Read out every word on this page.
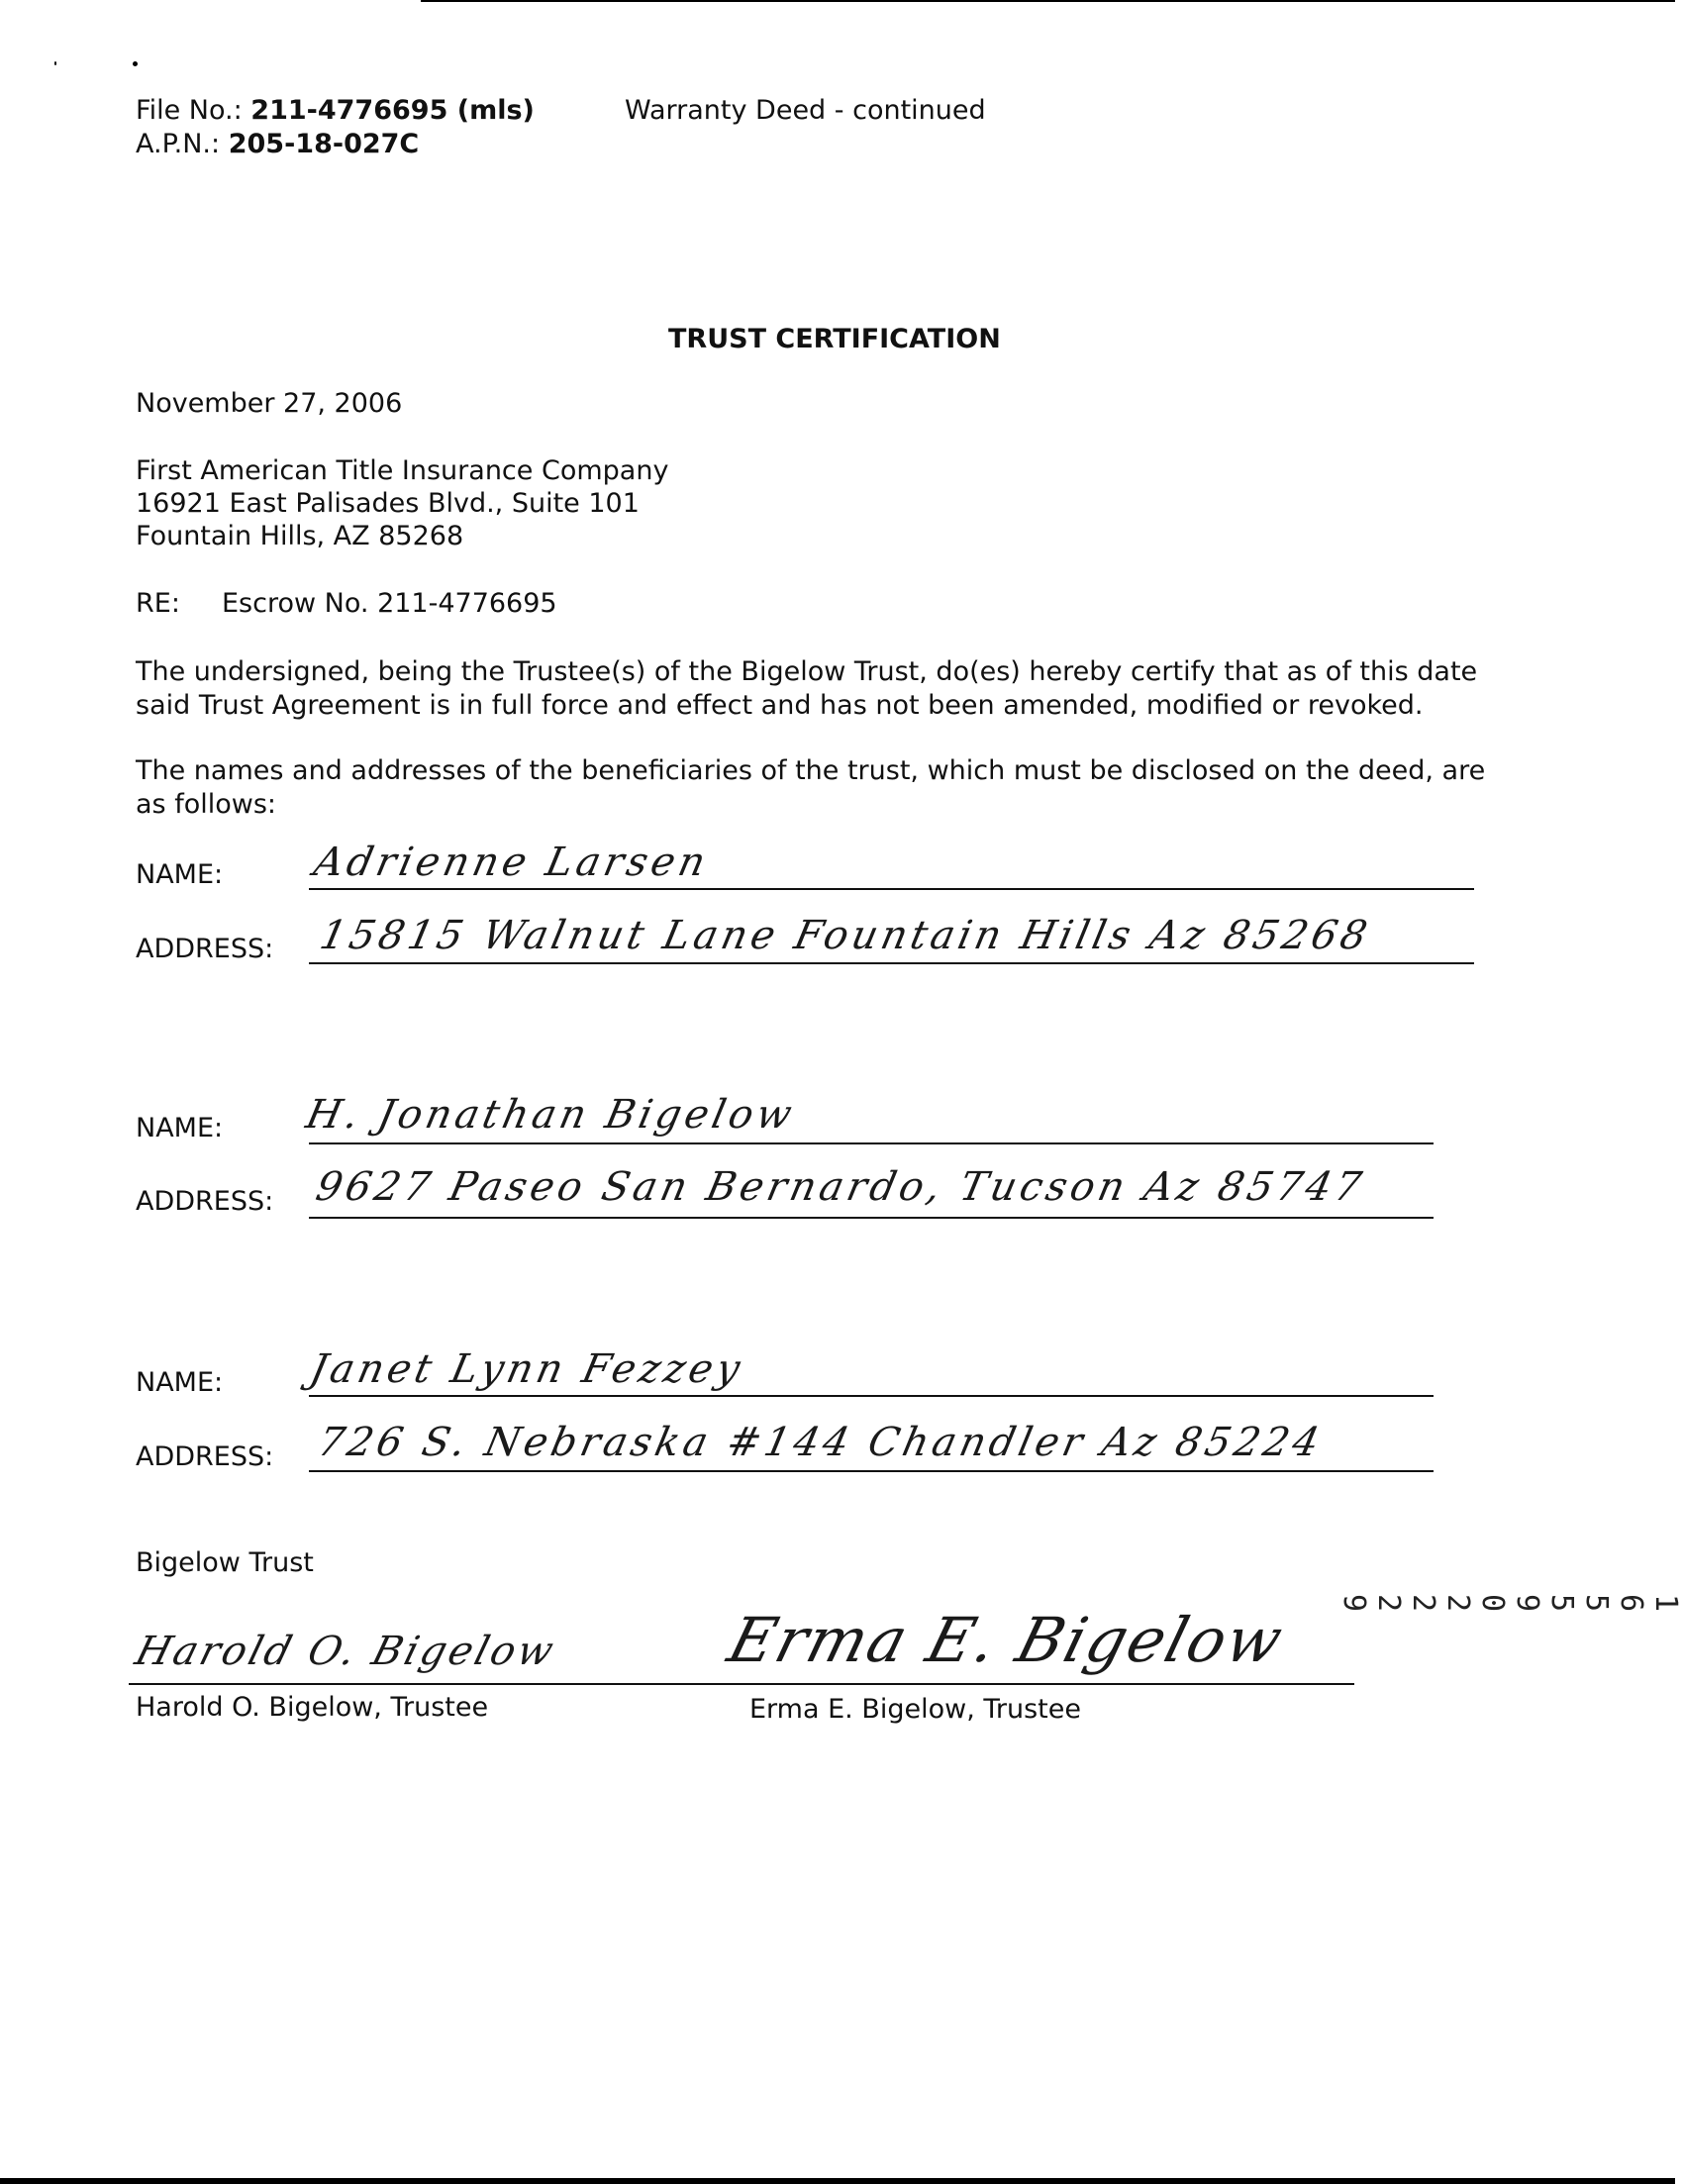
File No.: 211-4776695 (mls)
A.P.N.: 205-18-027C
Warranty Deed - continued
TRUST CERTIFICATION
November 27, 2006
First American Title Insurance Company
16921 East Palisades Blvd., Suite 101
Fountain Hills, AZ 85268
RE: Escrow No. 211-4776695
The undersigned, being the Trustee(s) of the Bigelow Trust, do(es) hereby certify that as of this date said Trust Agreement is in full force and effect and has not been amended, modified or revoked.
The names and addresses of the beneficiaries of the trust, which must be disclosed on the deed, are as follows:
NAME: Adrienne Larsen
ADDRESS: 15815 Walnut Lane Fountain Hills Az 85268
NAME: H. Jonathan Bigelow
ADDRESS: 9627 Paseo San Bernardo, Tucson Az 85747
NAME: Janet Lynn Fezzey
ADDRESS: 726 S. Nebraska #144 Chandler Az 85224
Bigelow Trust
Harold O. Bigelow	Erma E. Bigelow
Harold O. Bigelow, Trustee	Erma E. Bigelow, Trustee
1 6 5 5 9 0 2 2 2 9
